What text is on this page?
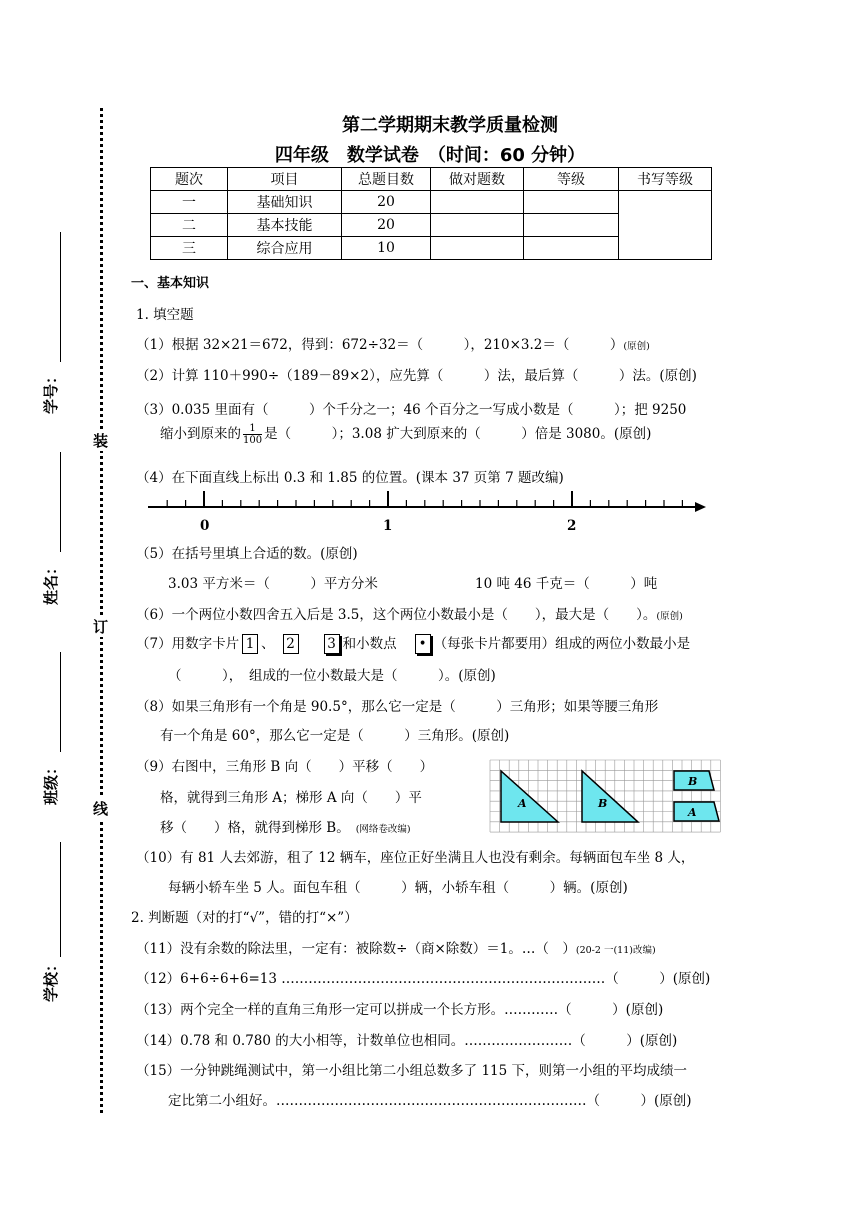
学号：
姓名：
班级：
学校：
装
订
线
第二学期期末教学质量检测
四年级　数学试卷　（时间：60 分钟）
题次	项目	总题目数	做对题数	等级	书写等级
一	基础知识	20			
二	基本技能	20			
三	综合应用	10			
一、基本知识
1. 填空题
（1）根据 32×21＝672，得到：672÷32＝（　　　），210×3.2＝（　　　）(原创)
（2）计算 110＋990÷（189－89×2），应先算（　　　）法，最后算（　　　）法。(原创)
（3）0.035 里面有（　　　）个千分之一；46 个百分之一写成小数是（　　　）；把 9250
缩小到原来的 $\frac{1}{100}$ 是（　　　）；3.08 扩大到原来的（　　　）倍是 3080。(原创)
（4）在下面直线上标出 0.3 和 1.85 的位置。(课本 37 页第 7 题改编)
0	1	2
（5）在括号里填上合适的数。(原创)
3.03 平方米＝（　　　）平方分米	10 吨 46 千克＝（　　　）吨
（6）一个两位小数四舍五入后是 3.5，这个两位小数最小是（　　），最大是（　　）。(原创)
（7）用数字卡片 1 、 2 3 和小数点 • （每张卡片都要用）组成的两位小数最小是
（　　　），　组成的一位小数最大是（　　　）。(原创)
（8）如果三角形有一个角是 90.5°，那么它一定是（　　　）三角形；如果等腰三角形
有一个角是 60°，那么它一定是（　　　）三角形。(原创)
（9）右图中，三角形 B 向（　　）平移（　　）
格，就得到三角形 A；梯形 A 向（　　）平
移（　　）格，就得到梯形 B。 (网络卷改编)
A	B
B
A
（10）有 81 人去郊游，租了 12 辆车，座位正好坐满且人也没有剩余。每辆面包车坐 8 人，
每辆小轿车坐 5 人。面包车租（　　　）辆，小轿车租（　　　）辆。(原创)
2. 判断题（对的打“√”，错的打“×”）
（11）没有余数的除法里，一定有：被除数÷（商×除数）＝1。…（　）(20-2 一(11)改编)
（12）6+6÷6+6=13 ………………………………………………………………（　　　）(原创)
（13）两个完全一样的直角三角形一定可以拼成一个长方形。…………（　　　）(原创)
（14）0.78 和 0.780 的大小相等，计数单位也相同。……………………（　　　）(原创)
（15）一分钟跳绳测试中，第一小组比第二小组总数多了 115 下，则第一小组的平均成绩一
定比第二小组好。……………………………………………………………（　　　）(原创)
